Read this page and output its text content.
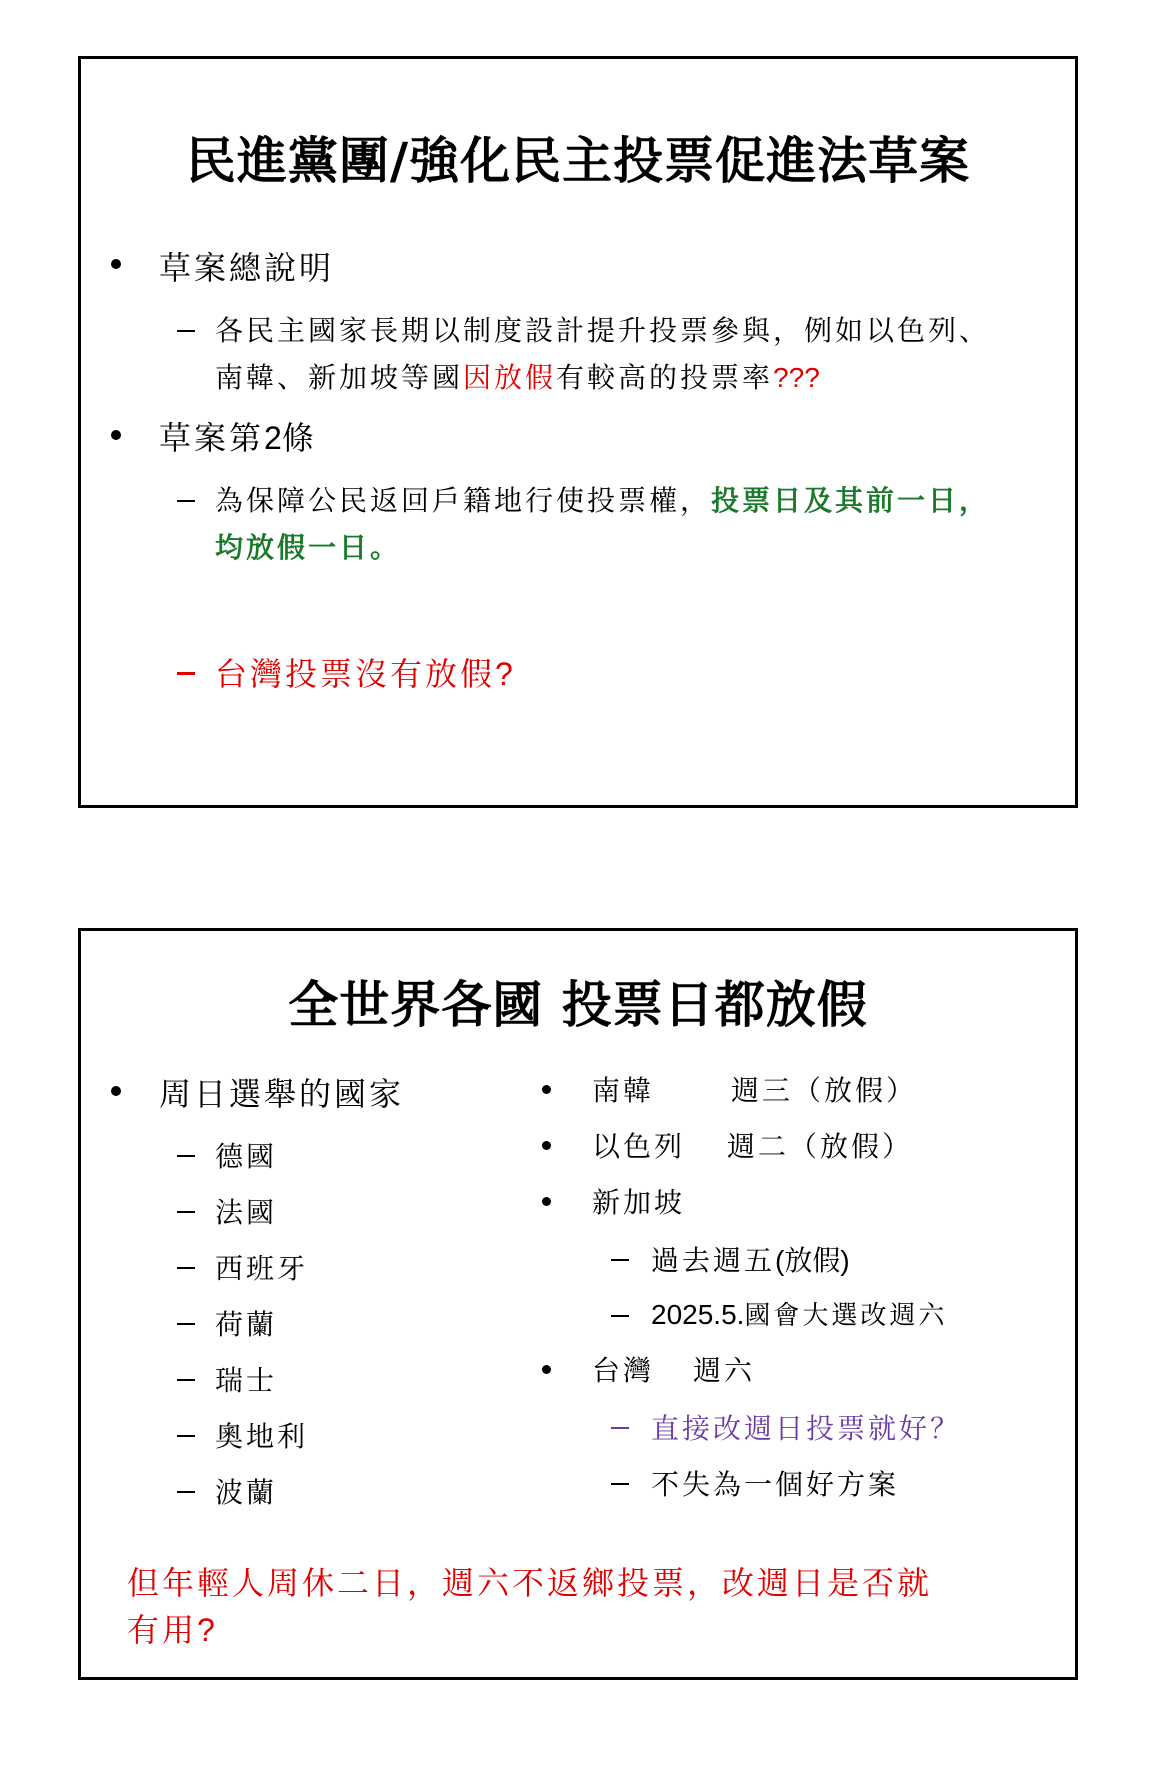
民進黨團/強化民主投票促進法草案
草案總說明
各民主國家長期以制度設計提升投票參與，例如以色列、
南韓、新加坡等國因放假有較高的投票率???
草案第2條
為保障公民返回戶籍地行使投票權，投票日及其前一日，
均放假一日。
台灣投票沒有放假?
全世界各國 投票日都放假
周日選舉的國家
德國
法國
西班牙
荷蘭
瑞士
奧地利
波蘭
南韓	週三（放假）
以色列 週二（放假）
新加坡
過去週五(放假)
2025.5.國會大選改週六
台灣 週六
直接改週日投票就好？
不失為一個好方案
但年輕人周休二日，週六不返鄉投票，改週日是否就
有用?
